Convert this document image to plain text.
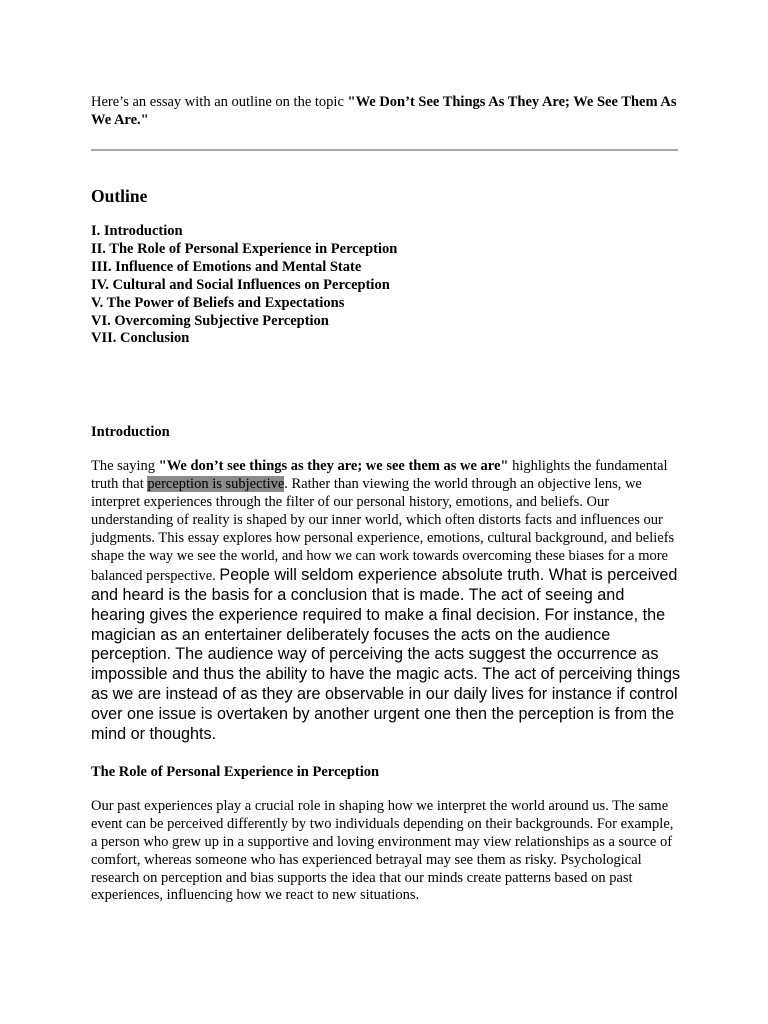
Here’s an essay with an outline on the topic "We Don’t See Things As They Are; We See Them As We Are."

Outline
I. Introduction
II. The Role of Personal Experience in Perception
III. Influence of Emotions and Mental State
IV. Cultural and Social Influences on Perception
V. The Power of Beliefs and Expectations
VI. Overcoming Subjective Perception
VII. Conclusion
Introduction

The saying "We don’t see things as they are; we see them as we are" highlights the fundamental truth that perception is subjective. Rather than viewing the world through an objective lens, we interpret experiences through the filter of our personal history, emotions, and beliefs. Our understanding of reality is shaped by our inner world, which often distorts facts and influences our judgments. This essay explores how personal experience, emotions, cultural background, and beliefs shape the way we see the world, and how we can work towards overcoming these biases for a more balanced perspective. People will seldom experience absolute truth. What is perceived and heard is the basis for a conclusion that is made. The act of seeing and hearing gives the experience required to make a final decision. For instance, the magician as an entertainer deliberately focuses the acts on the audience perception. The audience way of perceiving the acts suggest the occurrence as impossible and thus the ability to have the magic acts. The act of perceiving things as we are instead of as they are observable in our daily lives for instance if control over one issue is overtaken by another urgent one then the perception is from the mind or thoughts.

The Role of Personal Experience in Perception

Our past experiences play a crucial role in shaping how we interpret the world around us. The same event can be perceived differently by two individuals depending on their backgrounds. For example, a person who grew up in a supportive and loving environment may view relationships as a source of comfort, whereas someone who has experienced betrayal may see them as risky. Psychological research on perception and bias supports the idea that our minds create patterns based on past experiences, influencing how we react to new situations.
